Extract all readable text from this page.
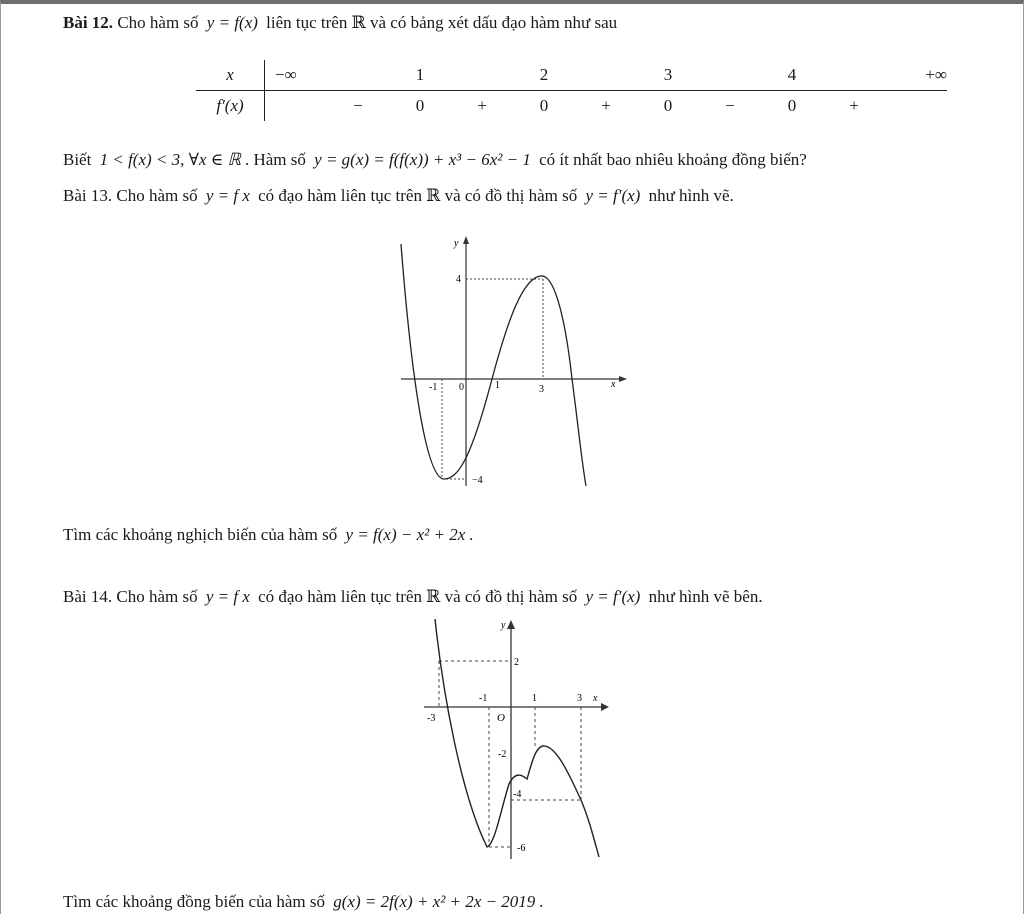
Bài 12. Cho hàm số y = f(x) liên tục trên ℝ và có bảng xét dấu đạo hàm như sau
x	−∞		1		2		3		4		+∞
f′(x)		−	0	+	0	+	0	−	0	+	
Biết 1 < f(x) < 3, ∀x ∈ ℝ . Hàm số y = g(x) = f(f(x)) + x³ − 6x² − 1 có ít nhất bao nhiêu khoảng đồng biến?
Bài 13. Cho hàm số y = f x có đạo hàm liên tục trên ℝ và có đồ thị hàm số y = f′(x) như hình vẽ.
y
x
4
−4
-1 0	1	3
Tìm các khoảng nghịch biến của hàm số y = f(x) − x² + 2x .
Bài 14. Cho hàm số y = f x có đạo hàm liên tục trên ℝ và có đồ thị hàm số y = f′(x) như hình vẽ bên.
y
x
2
-2
-4
-6
-3
-1
O
1	3
Tìm các khoảng đồng biến của hàm số g(x) = 2f(x) + x² + 2x − 2019 .
